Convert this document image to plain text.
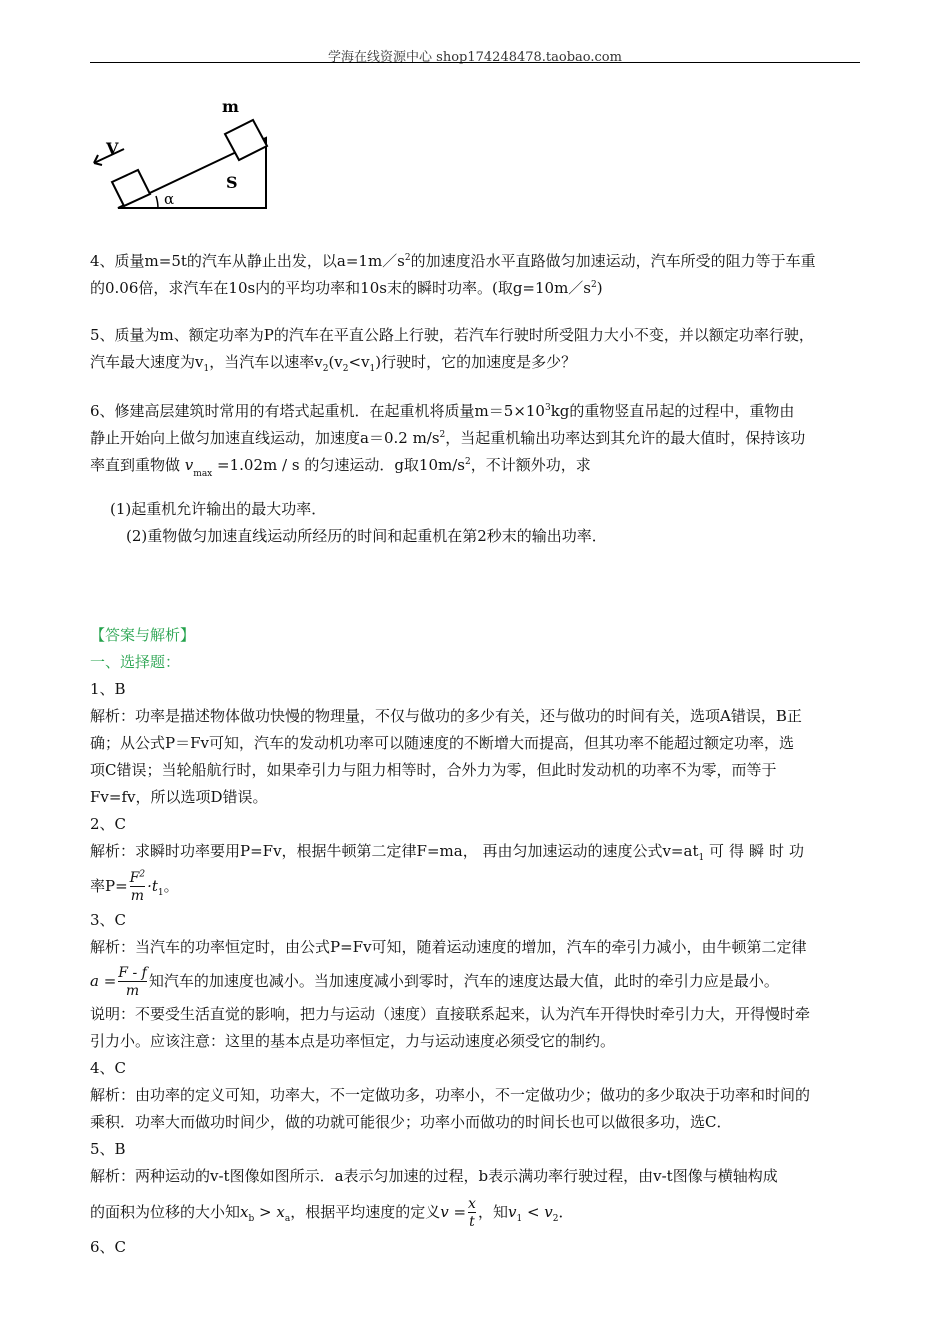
学海在线资源中心 shop174248478.taobao.com
m
V
S
α

4、质量m=5t的汽车从静止出发，以$a=1m/s^2$的加速度沿水平直路做匀加速运动，汽车所受的阻力等于车重

的0.06倍，求汽车在10s内的平均功率和10s末的瞬时功率。(取$g=10m/s^2$)

5、质量为m、额定功率为P的汽车在平直公路上行驶，若汽车行驶时所受阻力大小不变，并以额定功率行驶，

汽车最大速度为$v_1$，当汽车以速率$v_2(v_2<v_1)$行驶时，它的加速度是多少？

6、修建高层建筑时常用的有塔式起重机．在起重机将质量$m=5\times 10^3kg$的重物竖直吊起的过程中，重物由

静止开始向上做匀加速直线运动，加速度a＝0.2 $m/s^2$，当起重机输出功率达到其允许的最大值时，保持该功

率直到重物做 $v_{max} =1.02m / s$ 的匀速运动．g取$10m/s^2$，不计额外功，求

(1)起重机允许输出的最大功率．

(2)重物做匀加速直线运动所经历的时间和起重机在第2秒末的输出功率．

【答案与解析】

一、选择题：

1、B

解析：功率是描述物体做功快慢的物理量，不仅与做功的多少有关，还与做功的时间有关，选项A错误，B正

确；从公式P＝Fv可知，汽车的发动机功率可以随速度的不断增大而提高，但其功率不能超过额定功率，选

项C错误；当轮船航行时，如果牵引力与阻力相等时，合外力为零，但此时发动机的功率不为零，而等于

Fv=fv，所以选项D错误。

2、C

解析：求瞬时功率要用P=Fv，根据牛顿第二定律F=ma， 再由匀加速运动的速度公式$v=at_1$ 可得瞬时功

率$P= \frac{F^2}{m} \cdot t_1$。

3、C

解析：当汽车的功率恒定时，由公式P=Fv可知，随着运动速度的增加，汽车的牵引力减小，由牛顿第二定律

$a = \frac{F - f}{m}$ 知汽车的加速度也减小。当加速度减小到零时，汽车的速度达最大值，此时的牵引力应是最小。

说明：不要受生活直觉的影响，把力与运动（速度）直接联系起来，认为汽车开得快时牵引力大，开得慢时牵

引力小。应该注意：这里的基本点是功率恒定，力与运动速度必须受它的制约。

4、C

解析：由功率的定义可知，功率大，不一定做功多，功率小，不一定做功少；做功的多少取决于功率和时间的

乘积．功率大而做功时间少，做的功就可能很少；功率小而做功的时间长也可以做很多功，选C．

5、B

解析：两种运动的v-t图像如图所示．a表示匀加速的过程，b表示满功率行驶过程，由v-t图像与横轴构成

的面积为位移的大小知$x_b > x_a$，根据平均速度的定义$v = \frac{x}{t}$ ，知$v_1 < v_2$．

6、C
